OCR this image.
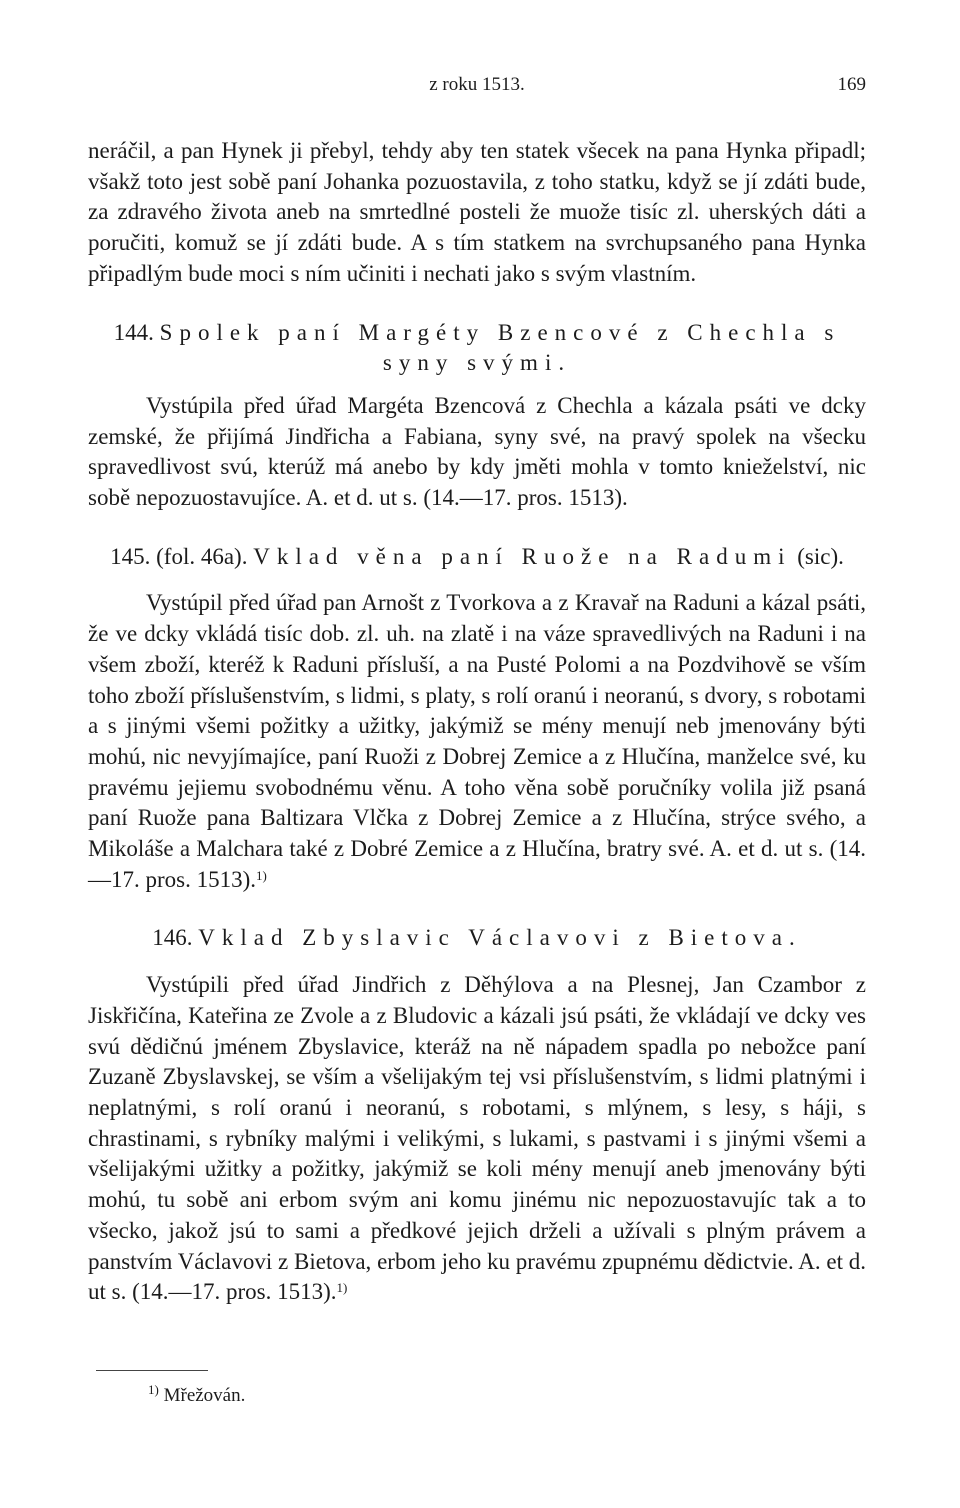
z roku 1513.	169

neráčil, a pan Hynek ji přebyl, tehdy aby ten statek všecek na pana Hynka připadl; všakž toto jest sobě paní Johanka pozuostavila, z toho statku, když se jí zdáti bude, za zdravého života aneb na smrtedlné posteli že muože tisíc zl. uherských dáti a poručiti, komuž se jí zdáti bude. A s tím statkem na svrchupsaného pana Hynka připadlým bude moci s ním učiniti i nechati jako s svým vlastním.

144. Spolek paní Margéty Bzencové z Chechla s syny svými.

Vystúpila před úřad Margéta Bzencová z Chechla a kázala psáti ve dcky zemské, že přijímá Jindřicha a Fabiana, syny své, na pravý spolek na všecku spravedlivost svú, kterúž má anebo by kdy jměti mohla v tomto knieželství, nic sobě nepozuostavujíce. A. et d. ut s. (14.—17. pros. 1513).

145. (fol. 46a). Vklad věna paní Ruože na Radumi (sic).

Vystúpil před úřad pan Arnošt z Tvorkova a z Kravař na Raduni a kázal psáti, že ve dcky vkládá tisíc dob. zl. uh. na zlatě i na váze spravedlivých na Raduni i na všem zboží, kteréž k Raduni přísluší, a na Pusté Polomi a na Pozdvihově se vším toho zboží příslušenstvím, s lidmi, s platy, s rolí oranú i neoranú, s dvory, s robotami a s jinými všemi požitky a užitky, jakýmiž se mény menují neb jmenovány býti mohú, nic nevyjímajíce, paní Ruoži z Dobrej Zemice a z Hlučína, manželce své, ku pravému jejiemu svobodnému věnu. A toho věna sobě poručníky volila již psaná paní Ruože pana Baltizara Vlčka z Dobrej Zemice a z Hlučína, strýce svého, a Mikoláše a Malchara také z Dobré Zemice a z Hlučína, bratry své. A. et d. ut s. (14.—17. pros. 1513).$^{1)}$

146. Vklad Zbyslavic Václavovi z Bietova.

Vystúpili před úřad Jindřich z Děhýlova a na Plesnej, Jan Czambor z Jiskřičína, Kateřina ze Zvole a z Bludovic a kázali jsú psáti, že vkládají ve dcky ves svú dědičnú jménem Zbyslavice, kteráž na ně nápadem spadla po nebožce paní Zuzaně Zbyslavskej, se vším a všelijakým tej vsi příslušenstvím, s lidmi platnými i neplatnými, s rolí oranú i neoranú, s robotami, s mlýnem, s lesy, s háji, s chrastinami, s rybníky malými i velikými, s lukami, s pastvami i s jinými všemi a všelijakými užitky a požitky, jakýmiž se koli mény menují aneb jmenovány býti mohú, tu sobě ani erbom svým ani komu jinému nic nepozuostavujíc tak a to všecko, jakož jsú to sami a předkové jejich drželi a užívali s plným právem a panstvím Václavovi z Bietova, erbom jeho ku pravému zpupnému dědictvie. A. et d. ut s. (14.—17. pros. 1513).$^{1)}$

$^{1)}$ Mřežován.
